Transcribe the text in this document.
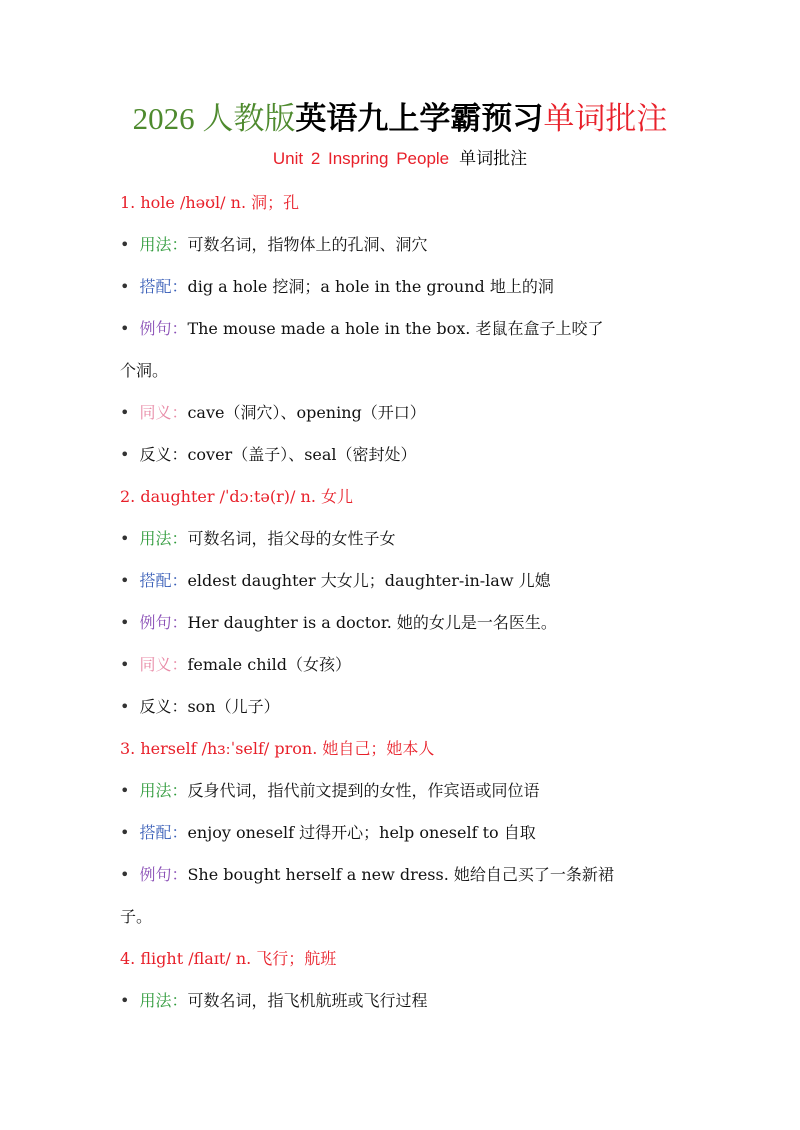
2026 人教版英语九上学霸预习单词批注
Unit 2 Inspring People 单词批注
1. hole /həʊl/ n. 洞；孔
• 用法：可数名词，指物体上的孔洞、洞穴
• 搭配：dig a hole 挖洞；a hole in the ground 地上的洞
• 例句：The mouse made a hole in the box. 老鼠在盒子上咬了
个洞。
• 同义：cave（洞穴）、opening（开口）
• 反义：cover（盖子）、seal（密封处）
2. daughter /ˈdɔːtə(r)/ n. 女儿
• 用法：可数名词，指父母的女性子女
• 搭配：eldest daughter 大女儿；daughter-in-law 儿媳
• 例句：Her daughter is a doctor. 她的女儿是一名医生。
• 同义：female child（女孩）
• 反义：son（儿子）
3. herself /hɜːˈself/ pron. 她自己；她本人
• 用法：反身代词，指代前文提到的女性，作宾语或同位语
• 搭配：enjoy oneself 过得开心；help oneself to 自取
• 例句：She bought herself a new dress. 她给自己买了一条新裙
子。
4. flight /flaɪt/ n. 飞行；航班
• 用法：可数名词，指飞机航班或飞行过程
